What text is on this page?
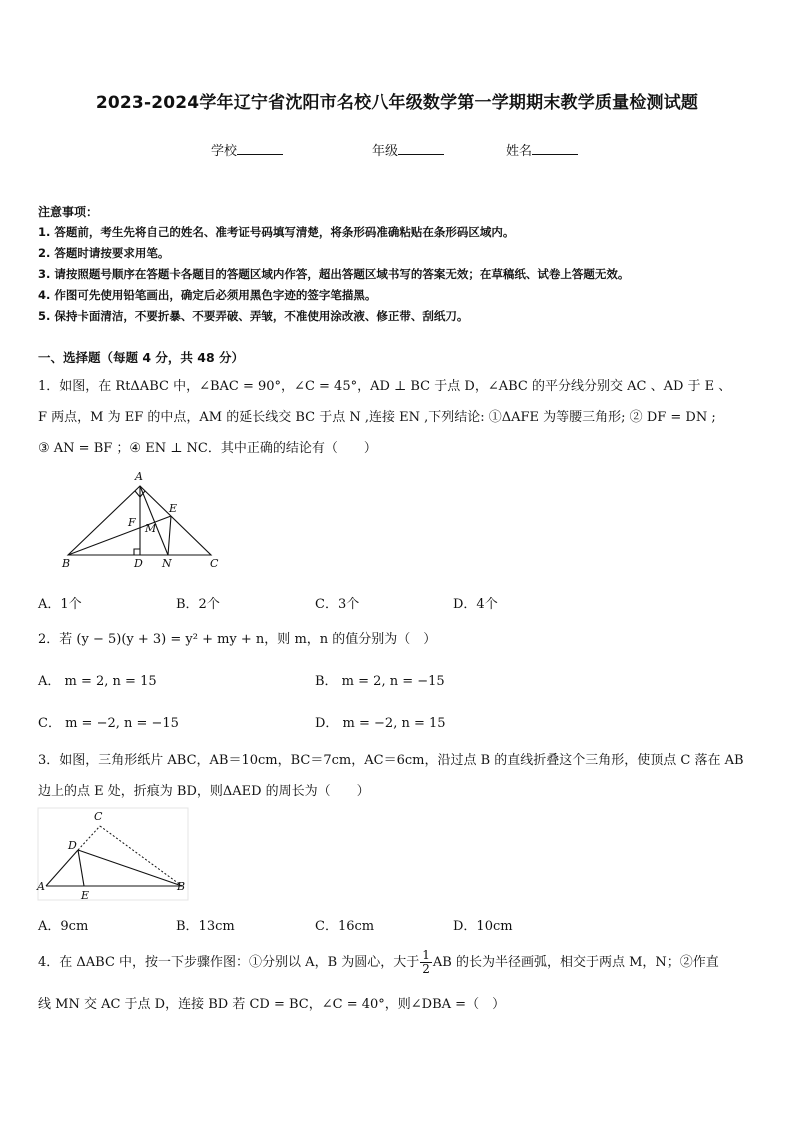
2023-2024学年辽宁省沈阳市名校八年级数学第一学期期末教学质量检测试题
学校	年级	姓名
注意事项：
1. 答题前，考生先将自己的姓名、准考证号码填写清楚，将条形码准确粘贴在条形码区域内。
2. 答题时请按要求用笔。
3. 请按照题号顺序在答题卡各题目的答题区域内作答，超出答题区域书写的答案无效；在草稿纸、试卷上答题无效。
4. 作图可先使用铅笔画出，确定后必须用黑色字迹的签字笔描黑。
5. 保持卡面清洁，不要折暴、不要弄破、弄皱，不准使用涂改液、修正带、刮纸刀。
一、选择题（每题 4 分，共 48 分）
1．如图，在 RtΔABC 中，∠BAC = 90°，∠C = 45°，AD ⊥ BC 于点 D，∠ABC 的平分线分别交 AC 、AD 于 E 、
F 两点，M 为 EF 的中点，AM 的延长线交 BC 于点 N ,连接 EN ,下列结论: ①ΔAFE 为等腰三角形; ② DF = DN ;
③ AN = BF ；④ EN ⊥ NC．其中正确的结论有（　　）
A
B	C
D
E
F M
N
A．1个	B．2个	C．3个	D．4个
2．若 (y − 5)(y + 3) = y² + my + n，则 m，n 的值分别为（　）
A． m = 2, n = 15	B． m = 2, n = −15
C． m = −2, n = −15	D． m = −2, n = 15
3．如图，三角形纸片 ABC，AB＝10cm，BC＝7cm，AC＝6cm，沿过点 B 的直线折叠这个三角形，使顶点 C 落在 AB
边上的点 E 处，折痕为 BD，则ΔAED 的周长为（　　）
A	B
C
D
E
A．9cm	B．13cm	C．16cm	D．10cm
4．在 ΔABC 中，按一下步骤作图：①分别以 A，B 为圆心，大于 $\frac{1}{2}$ AB 的长为半径画弧，相交于两点 M，N；②作直
线 MN 交 AC 于点 D，连接 BD 若 CD = BC，∠C = 40°，则∠DBA =（　）
